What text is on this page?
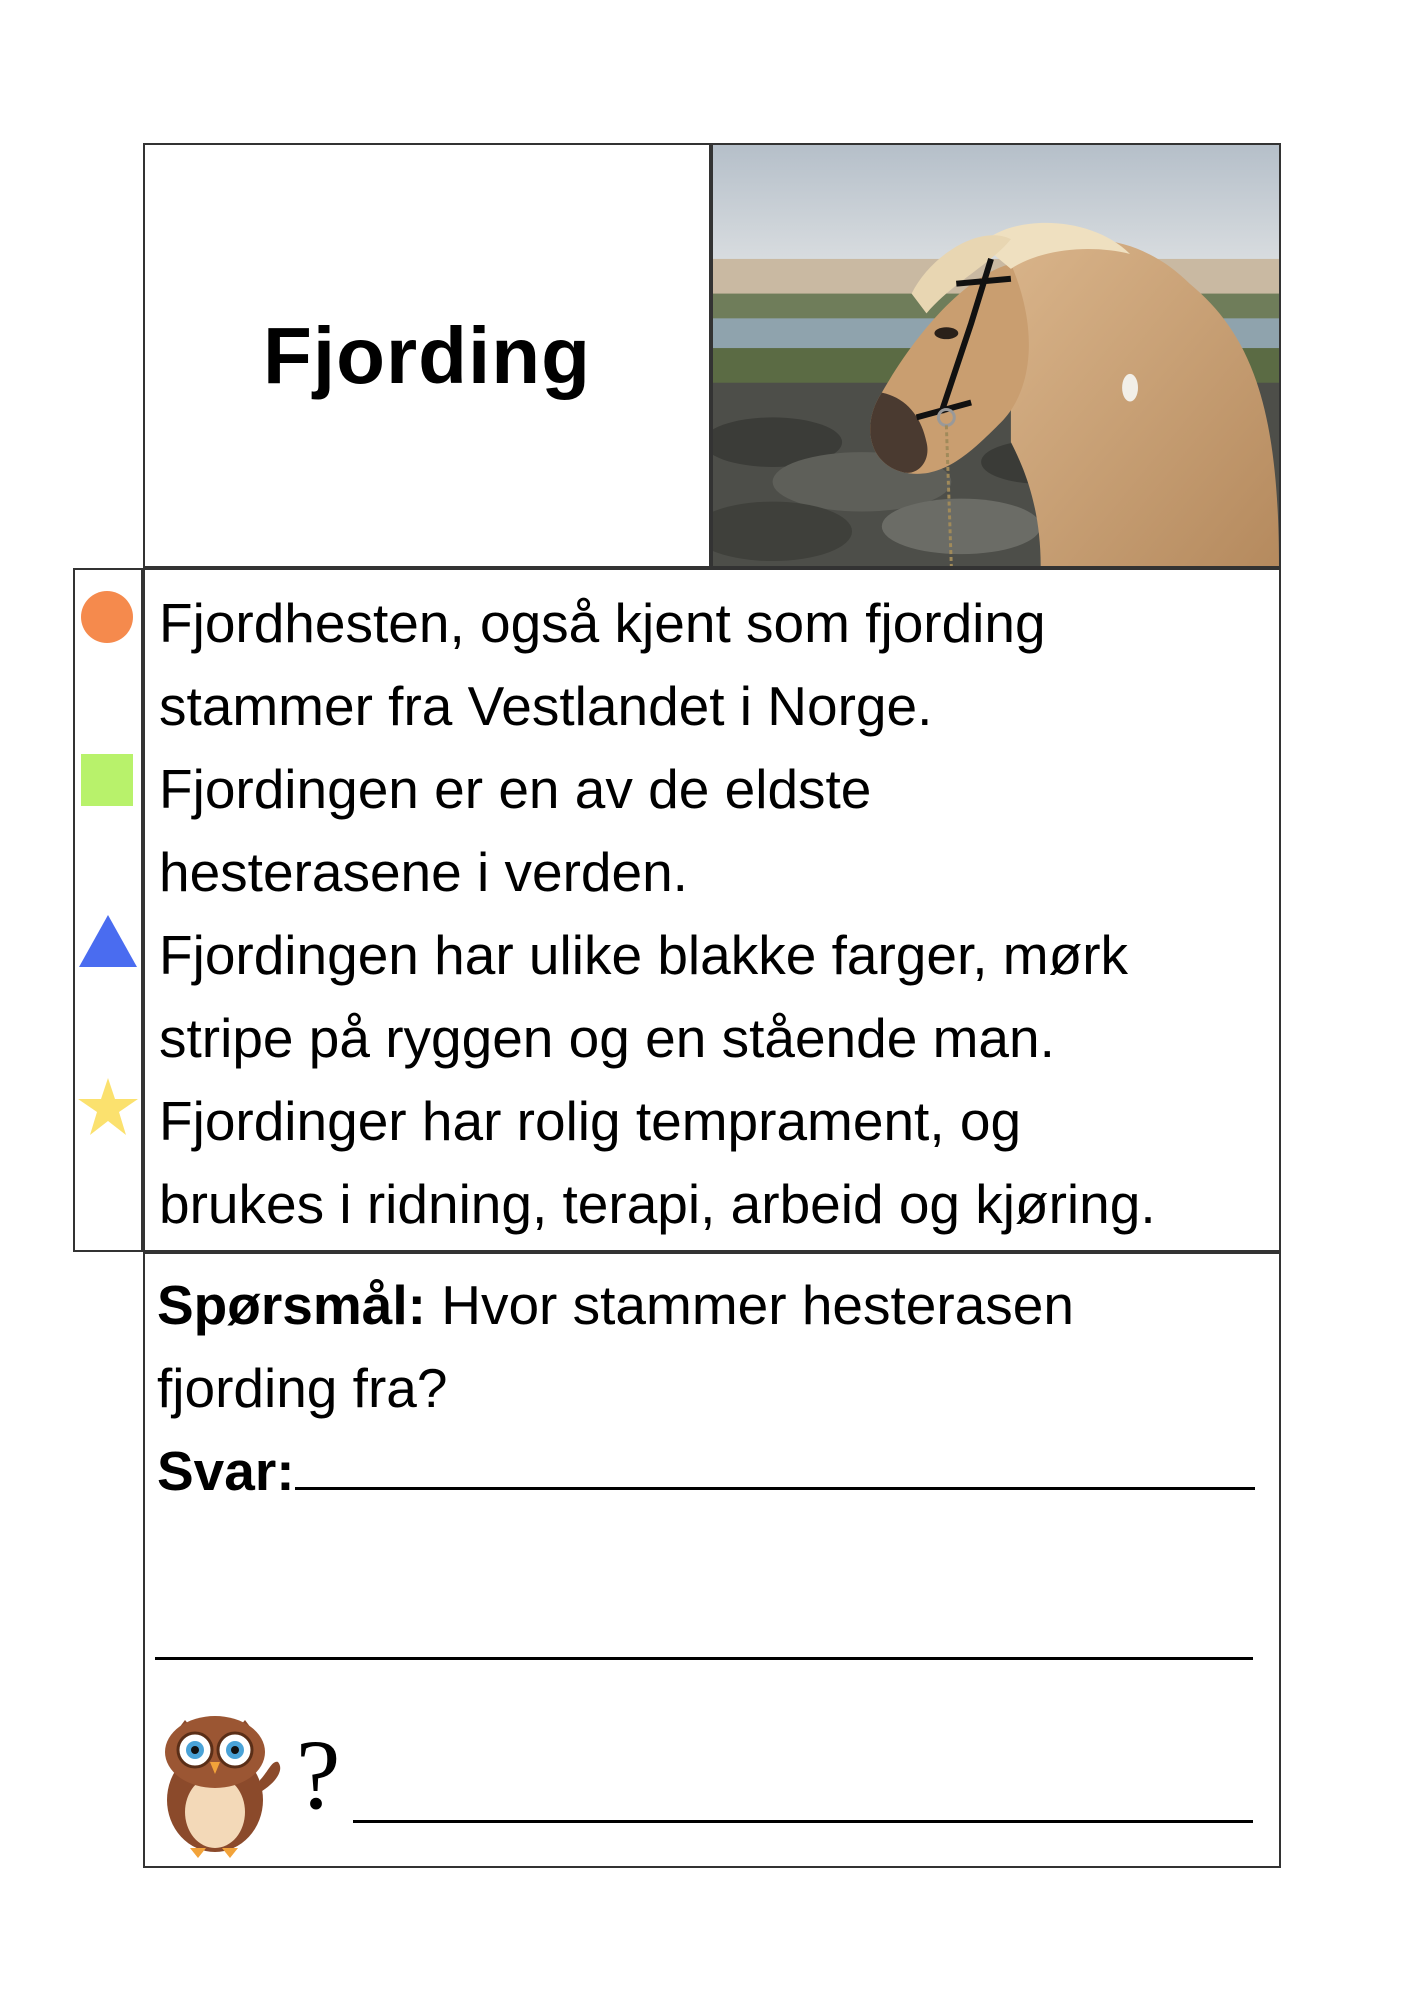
Fjording
Fjordhesten, også kjent som fjording
stammer fra Vestlandet i Norge.
Fjordingen er en av de eldste
hesterasene i verden.
Fjordingen har ulike blakke farger, mørk
stripe på ryggen og en stående man.
Fjordinger har rolig temprament, og
brukes i ridning, terapi, arbeid og kjøring.
Spørsmål: Hvor stammer hesterasen
fjording fra?
Svar:
?
